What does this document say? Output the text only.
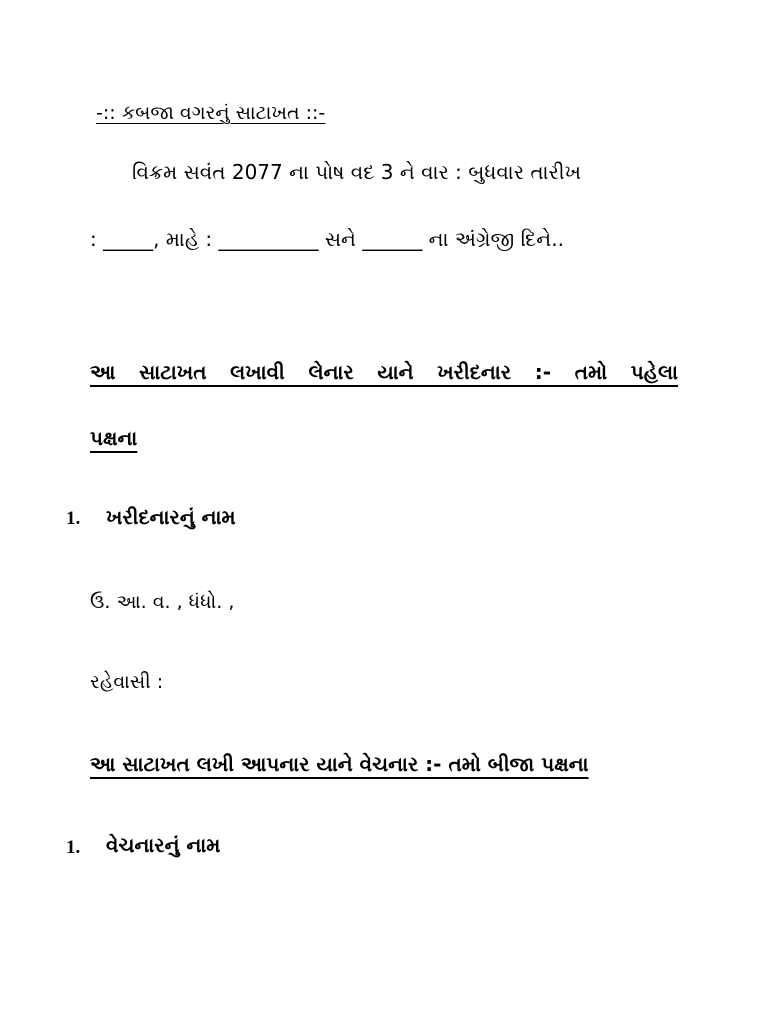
-:: કબજા વગરનું સાટાખત ::-
વિક્રમ સવંત 2077 ના પોષ વદ 3 ને વાર : બુધવાર તારીખ
: _____, માહે : __________ સને ______ ના અંગ્રેજી દિને..
આ સાટાખત લખાવી લેનાર યાને ખરીદનાર :- તમો પહેલા
પક્ષના
1. ખરીદનારનું નામ
ઉ. આ. વ. , ધંધો. ,
રહેવાસી :
આ સાટાખત લખી આપનાર યાને વેચનાર :- તમો બીજા પક્ષના
1. વેચનારનું નામ
